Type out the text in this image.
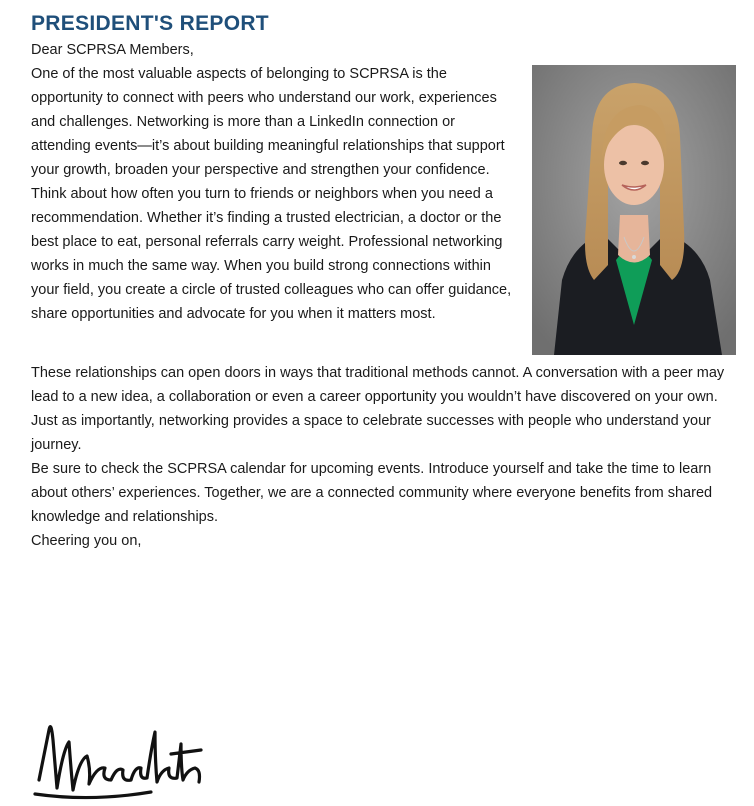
PRESIDENT'S REPORT

Dear SCPRSA Members,

One of the most valuable aspects of belonging to SCPRSA is the opportunity to connect with peers who understand our work, experiences and challenges. Networking is more than a LinkedIn connection or attending events—it’s about building meaningful relationships that support your growth, broaden your perspective and strengthen your confidence.

Think about how often you turn to friends or neighbors when you need a recommendation. Whether it’s finding a trusted electrician, a doctor or the best place to eat, personal referrals carry weight. Professional networking works in much the same way. When you build strong connections within your field, you create a circle of trusted colleagues who can offer guidance, share opportunities and advocate for you when it matters most.

These relationships can open doors in ways that traditional methods cannot. A conversation with a peer may lead to a new idea, a collaboration or even a career opportunity you wouldn’t have discovered on your own. Just as importantly, networking provides a space to celebrate successes with people who understand your journey.

Be sure to check the SCPRSA calendar for upcoming events. Introduce yourself and take the time to learn about others’ experiences. Together, we are a connected community where everyone benefits from shared knowledge and relationships.

Cheering you on,
